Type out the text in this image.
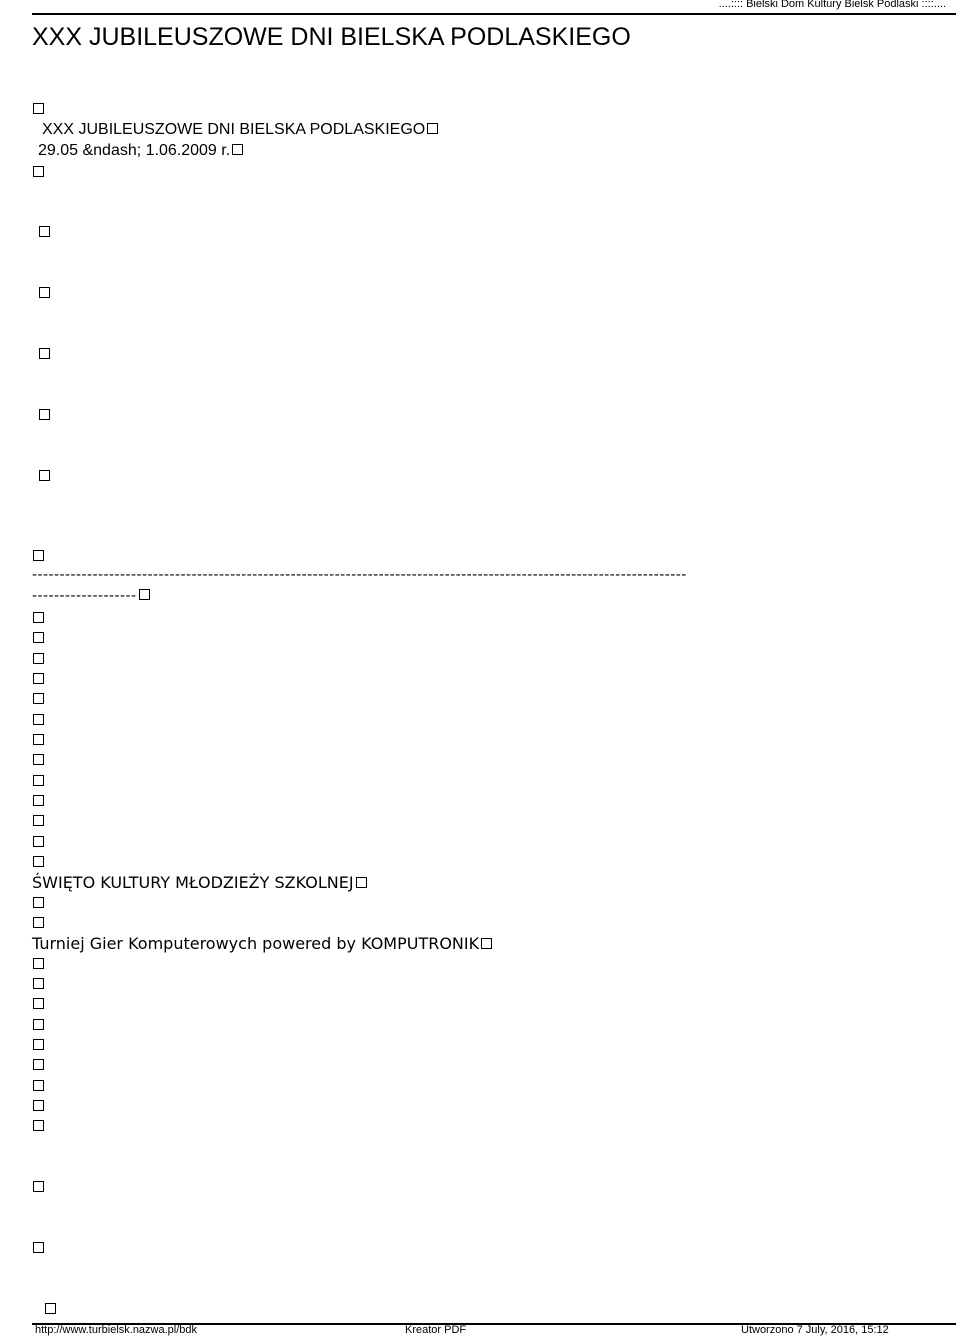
....:::: Bielski Dom Kultury Bielsk Podlaski ::::....
XXX JUBILEUSZOWE DNI BIELSKA PODLASKIEGO
XXX JUBILEUSZOWE DNI BIELSKA PODLASKIEGO
29.05 &ndash; 1.06.2009 r.
-----------------------------------------------------------------------------------------------------------------------
-------------------
ŚWIĘTO KULTURY MŁODZIEŻY SZKOLNEJ
Turniej Gier Komputerowych powered by KOMPUTRONIK
http://www.turbielsk.nazwa.pl/bdk	Kreator PDF	Utworzono 7 July, 2016, 15:12
